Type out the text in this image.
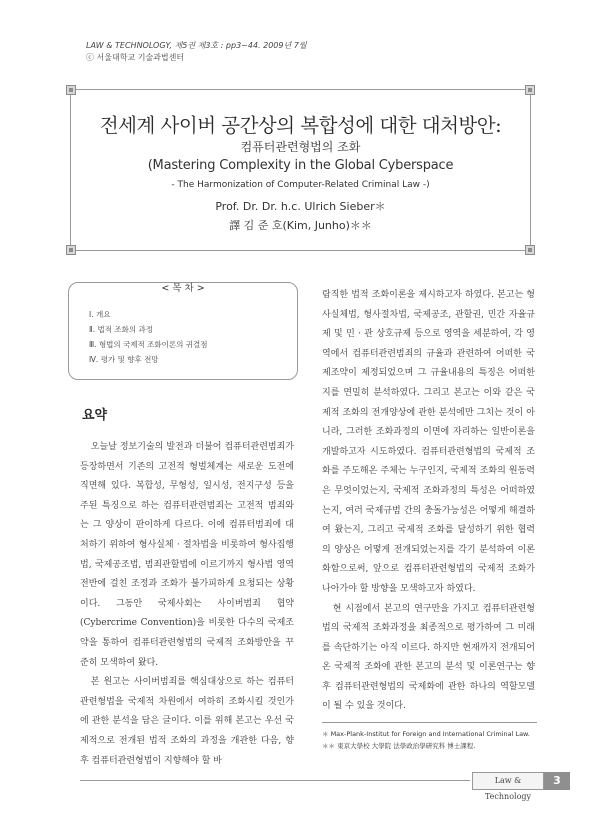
LAW & TECHNOLOGY, 제5권 제3호 : pp3~44. 2009년 7월
ⓒ 서울대학교 기술과법센터
전세계 사이버 공간상의 복합성에 대한 대처방안:
컴퓨터관련형법의 조화
(Mastering Complexity in the Global Cyberspace
- The Harmonization of Computer-Related Criminal Law -)
Prof. Dr. Dr. h.c. Ulrich Sieber＊
譯 김 준 호(Kim, Junho)＊＊
< 목 차 >
Ⅰ. 개요
Ⅱ. 법적 조화의 과정
Ⅲ. 형법의 국제적 조화이론의 귀결점
Ⅳ. 평가 및 향후 전망
요약

오늘날 정보기술의 발전과 더불어 컴퓨터관련범죄가 등장하면서 기존의 고전적 형벌체계는 새로운 도전에 직면해 있다. 복합성, 무형성, 일시성, 전지구성 등을 주된 특징으로 하는 컴퓨터관련범죄는 고전적 범죄와는 그 양상이 판이하게 다르다. 이에 컴퓨터범죄에 대처하기 위하여 형사실체 · 절차법을 비롯하여 형사집행법, 국제공조법, 범죄관할법에 이르기까지 형사법 영역 전반에 걸친 조정과 조화가 불가피하게 요청되는 상황이다. 그동안 국제사회는 사이버범죄 협약(Cybercrime Convention)을 비롯한 다수의 국제조약을 통하여 컴퓨터관련형법의 국제적 조화방안을 꾸준히 모색하여 왔다.

본 원고는 사이버범죄를 핵심대상으로 하는 컴퓨터관련형법을 국제적 차원에서 여하히 조화시킬 것인가에 관한 분석을 담은 글이다. 이를 위해 본고는 우선 국제적으로 전개된 법적 조화의 과정을 개관한 다음, 향후 컴퓨터관련형법이 지향해야 할 바

람직한 법적 조화이론을 제시하고자 하였다. 본고는 형사실체법, 형사절차법, 국제공조, 관할권, 민간 자율규제 및 민 · 관 상호규제 등으로 영역을 세분하여, 각 영역에서 컴퓨터관련범죄의 규율과 관련하여 어떠한 국제조약이 제정되었으며 그 규율내용의 특징은 어떠한지를 면밀히 분석하였다. 그리고 본고는 이와 같은 국제적 조화의 전개양상에 관한 분석에만 그치는 것이 아니라, 그러한 조화과정의 이면에 자리하는 일반이론을 개발하고자 시도하였다. 컴퓨터관련형법의 국제적 조화를 주도해온 주체는 누구인지, 국제적 조화의 원동력은 무엇이었는지, 국제적 조화과정의 특성은 어떠하였는지, 여러 국제규범 간의 충돌가능성은 어떻게 해결하여 왔는지, 그리고 국제적 조화를 달성하기 위한 협력의 양상은 어떻게 전개되었는지를 각기 분석하여 이론화함으로써, 앞으로 컴퓨터관련형법의 국제적 조화가 나아가야 할 방향을 모색하고자 하였다.

현 시점에서 본고의 연구만을 가지고 컴퓨터관련형법의 국제적 조화과정을 최종적으로 평가하여 그 미래를 속단하기는 아직 이르다. 하지만 현재까지 전개되어 온 국제적 조화에 관한 본고의 분석 및 이론연구는 향후 컴퓨터관련형법의 국제화에 관한 하나의 역할모델이 될 수 있을 것이다.

＊ Max-Plank-Institut for Foreign and International Criminal Law.
＊＊ 東京大學校 大學院 法學政治學硏究科 博士課程.
Law & Technology
3
